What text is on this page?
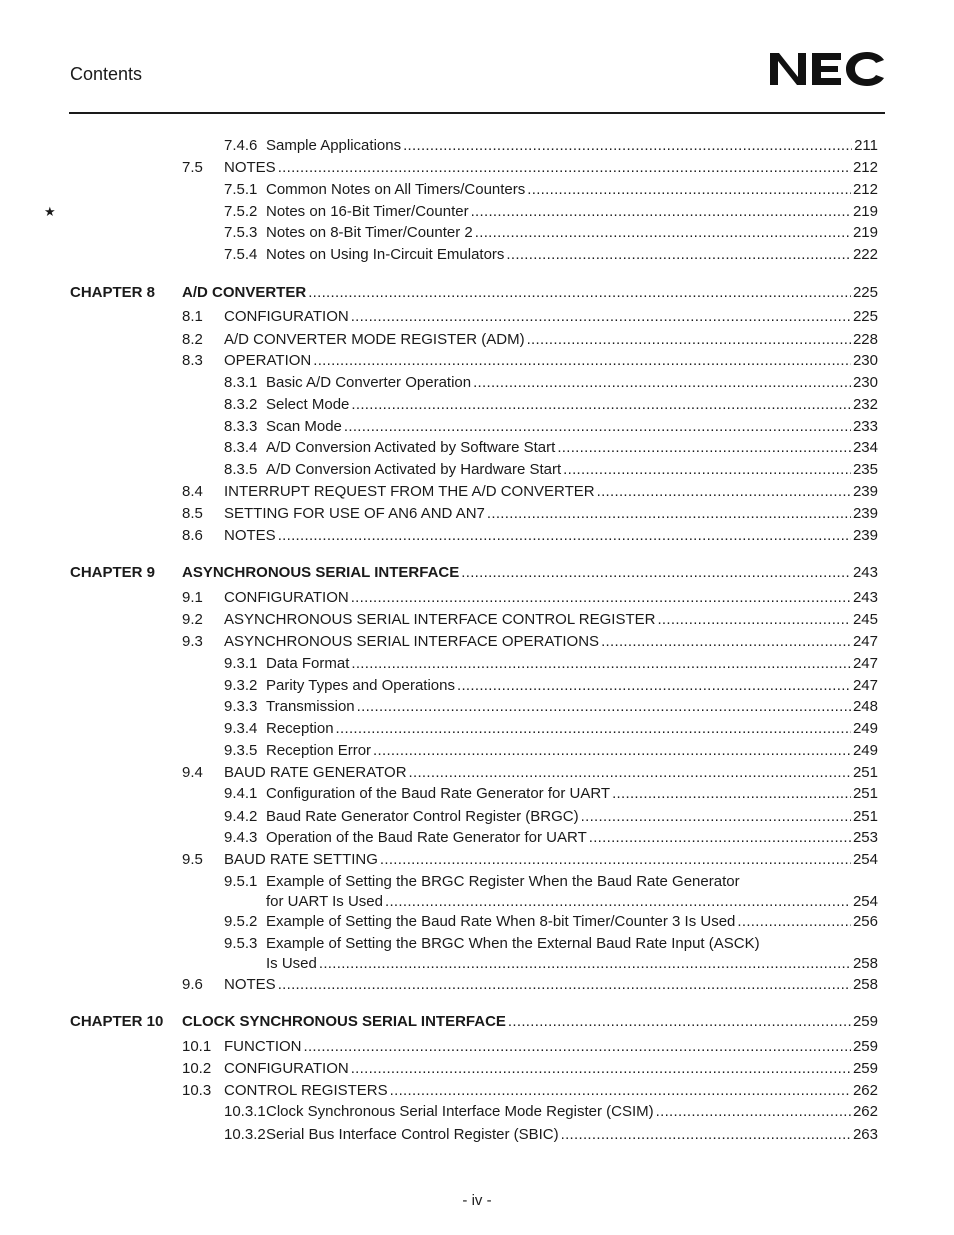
Contents
7.4.6 Sample Applications .....	211
7.5 NOTES .....	212
7.5.1 Common Notes on All Timers/Counters .....	212
★	7.5.2 Notes on 16-Bit Timer/Counter .....	219
7.5.3 Notes on 8-Bit Timer/Counter 2 .....	219
7.5.4 Notes on Using In-Circuit Emulators .....	222
CHAPTER 8 A/D CONVERTER .....	225
8.1 CONFIGURATION .....	225
8.2 A/D CONVERTER MODE REGISTER (ADM) .....	228
8.3 OPERATION .....	230
8.3.1 Basic A/D Converter Operation .....	230
8.3.2 Select Mode .....	232
8.3.3 Scan Mode .....	233
8.3.4 A/D Conversion Activated by Software Start .....	234
8.3.5 A/D Conversion Activated by Hardware Start .....	235
8.4 INTERRUPT REQUEST FROM THE A/D CONVERTER .....	239
8.5 SETTING FOR USE OF AN6 AND AN7 .....	239
8.6 NOTES .....	239
CHAPTER 9 ASYNCHRONOUS SERIAL INTERFACE .....	243
9.1 CONFIGURATION .....	243
9.2 ASYNCHRONOUS SERIAL INTERFACE CONTROL REGISTER .....	245
9.3 ASYNCHRONOUS SERIAL INTERFACE OPERATIONS .....	247
9.3.1 Data Format .....	247
9.3.2 Parity Types and Operations .....	247
9.3.3 Transmission .....	248
9.3.4 Reception .....	249
9.3.5 Reception Error .....	249
9.4 BAUD RATE GENERATOR .....	251
9.4.1 Configuration of the Baud Rate Generator for UART .....	251
9.4.2 Baud Rate Generator Control Register (BRGC) .....	251
9.4.3 Operation of the Baud Rate Generator for UART .....	253
9.5 BAUD RATE SETTING .....	254
9.5.1 Example of Setting the BRGC Register When the Baud Rate Generator
for UART Is Used .....	254
9.5.2 Example of Setting the Baud Rate When 8-bit Timer/Counter 3 Is Used .....	256
9.5.3 Example of Setting the BRGC When the External Baud Rate Input (ASCK)
Is Used .....	258
9.6 NOTES .....	258
CHAPTER 10 CLOCK SYNCHRONOUS SERIAL INTERFACE .....	259
10.1 FUNCTION .....	259
10.2 CONFIGURATION .....	259
10.3 CONTROL REGISTERS .....	262
10.3.1 Clock Synchronous Serial Interface Mode Register (CSIM) .....	262
10.3.2 Serial Bus Interface Control Register (SBIC) .....	263
- iv -
